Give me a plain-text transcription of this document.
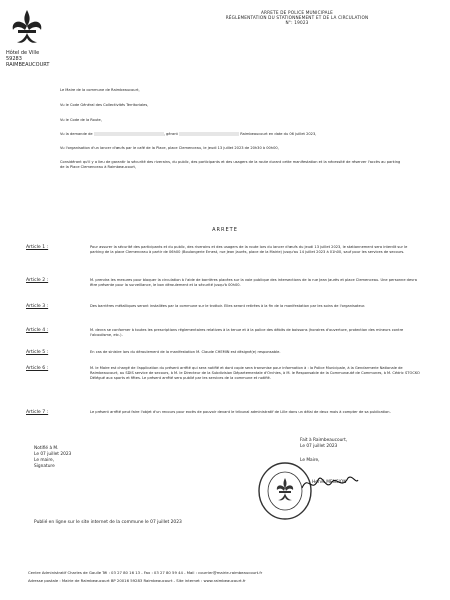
Hôtel de Ville
59283 RAIMBEAUCOURT
ARRETE DE POLICE MUNICIPALE
RÉGLEMENTATION DU STATIONNEMENT ET DE LA CIRCULATION
N°: 19023
Le Maire de la commune de Raimbeaucourt,
Vu le Code Général des Collectivités Territoriales,
Vu le Code de la Route,
Vu la demande de	, gérant	Raimbeaucourt en date du 06 juillet 2023,
Vu l'organisation d'un lancer d'œufs par le café de la Place, place Clemenceau, le jeudi 13 juillet 2023 de 20h30 à 00h00,
Considérant qu'il y a lieu de garantir la sécurité des riverains, du public, des participants et des usagers de la route durant cette manifestation et la nécessité de réserver l'accès au parking de la Place Clemenceau à Raimbeaucourt,
ARRETE
Article 1 :	Pour assurer la sécurité des participants et du public, des riverains et des usagers de la route lors du lancer d'œufs du jeudi 13 juillet 2023, le stationnement sera interdit sur le parking de la place Clemenceau à partir de 06h00 (Boulangerie Ernest, rue Jean Jaurès, place de la Mairie) jusqu'au 14 juillet 2023 à 01h00, sauf pour les services de secours.
Article 2 :	M. prendra les mesures pour bloquer la circulation à l'aide de barrières placées sur la voie publique des intersections de la rue Jean Jaurès et place Clemenceau. Une personne devra être présente pour la surveillance, le bon déroulement et la sécurité jusqu'à 00h00.
Article 3 :	Des barrières métalliques seront installées par la commune sur le trottoir. Elles seront retirées à la fin de la manifestation par les soins de l'organisateur.
Article 4 :	M. devra se conformer à toutes les prescriptions réglementaires relatives à la tenue et à la police des débits de boissons (horaires d'ouverture, protection des mineurs contre l'alcoolisme, etc.).
Article 5 :	En cas de sinistre lors du déroulement de la manifestation M. Claude CHEMIN est désigné(e) responsable.
Article 6 :	M. le Maire est chargé de l'application du présent arrêté qui sera notifié et dont copie sera transmise pour information à : la Police Municipale, à la Gendarmerie Nationale de Raimbeaucourt, au SDIS service de secours, à M. le Directeur de la Subdivision Départementale d'Orchies, à M. le Responsable de la Communauté de Communes, à M. Cédric STOCKO Délégué aux sports et fêtes. Le présent arrêté sera publié par les services de la commune et notifié.
Article 7 :	Le présent arrêté peut faire l'objet d'un recours pour excès de pouvoir devant le tribunal administratif de Lille dans un délai de deux mois à compter de sa publication.
Notifié à M.
Le 07 juillet 2023
Le maire,
Signature
Fait à Raimbeaucourt,
Le 07 juillet 2023
Le Maire,
Hervé MENSION
Publié en ligne sur le site internet de la commune le 07 juillet 2023
Centre Administratif Charles de Gaulle Tél : 03 27 80 16 13 - Fax : 03 27 80 59 44 - Mail : courrier@mairie-raimbeaucourt.fr
Adresse postale : Mairie de Raimbeaucourt BP 20016 59283 Raimbeaucourt - Site internet : www.raimbeaucourt.fr
